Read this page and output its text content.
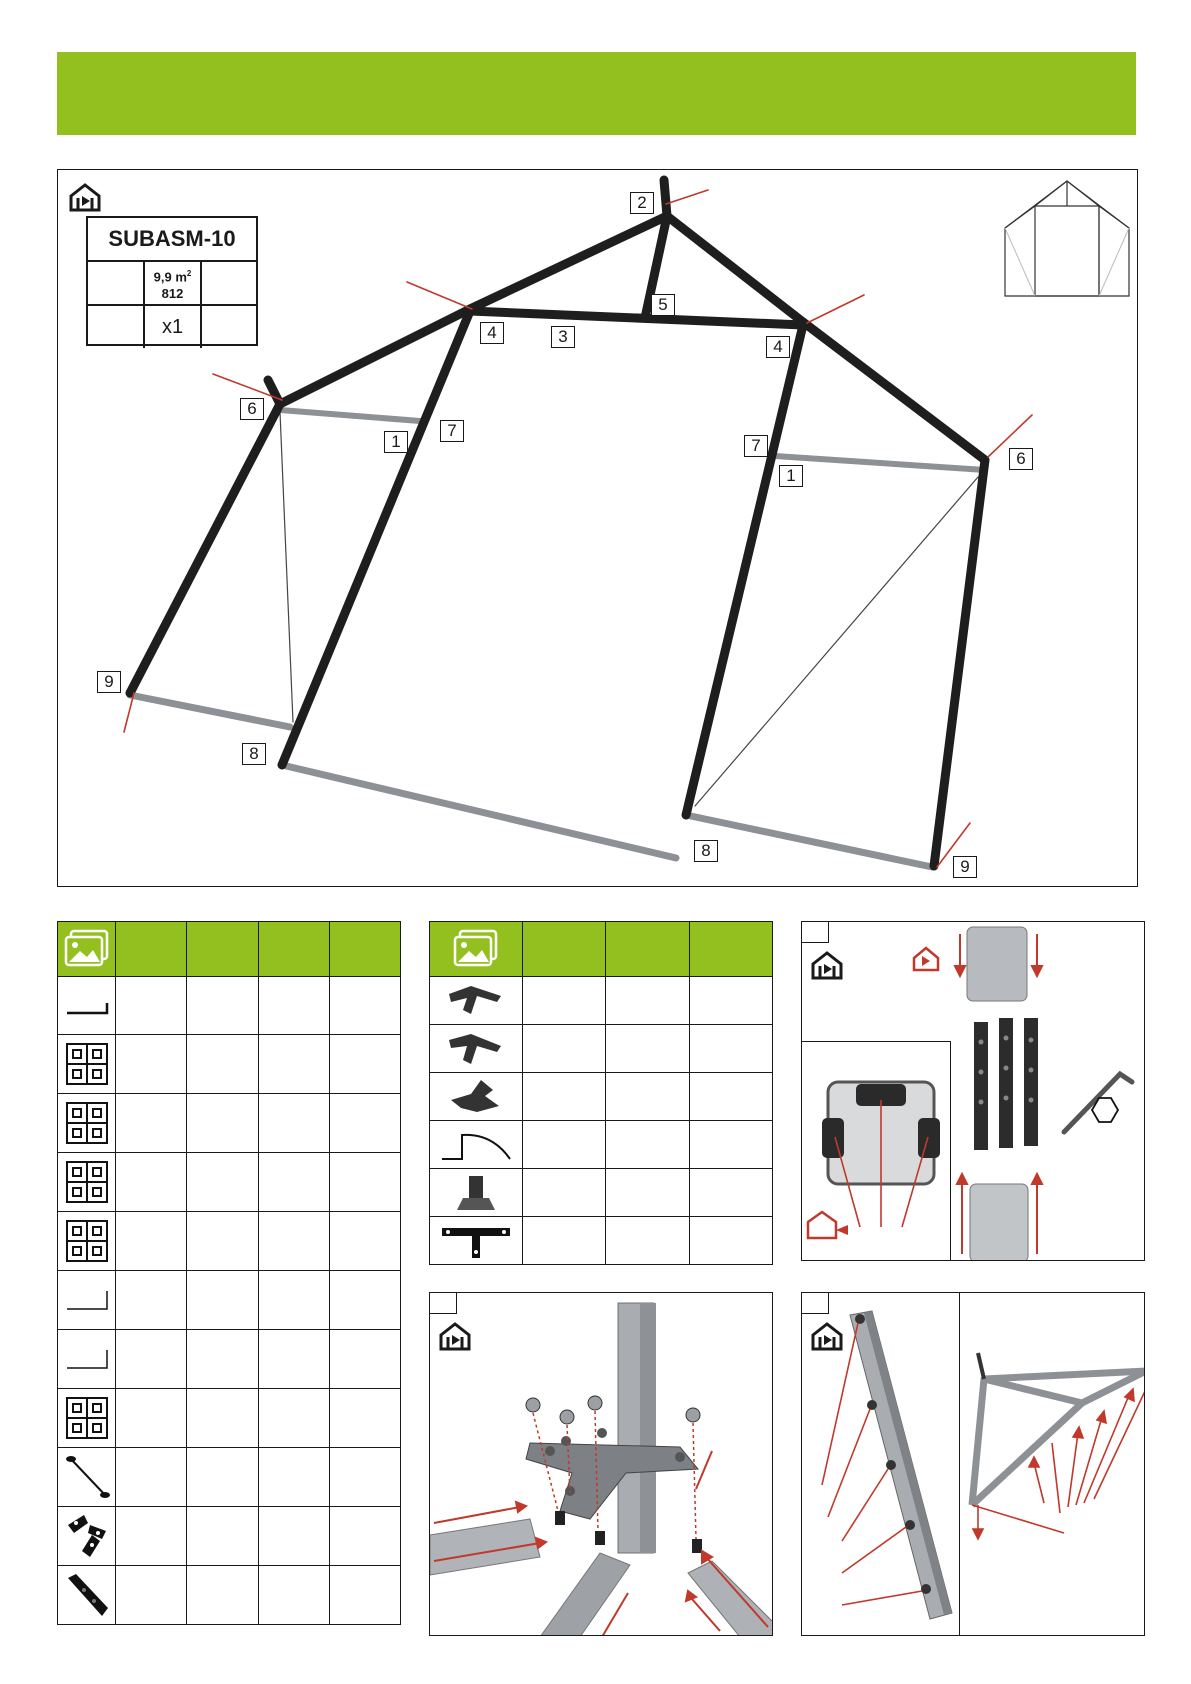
SUBASM-10
9,9 $m^2$
812
x1
2
5
4	3
4
6
7
1	7
6
1
9
8
8
9
